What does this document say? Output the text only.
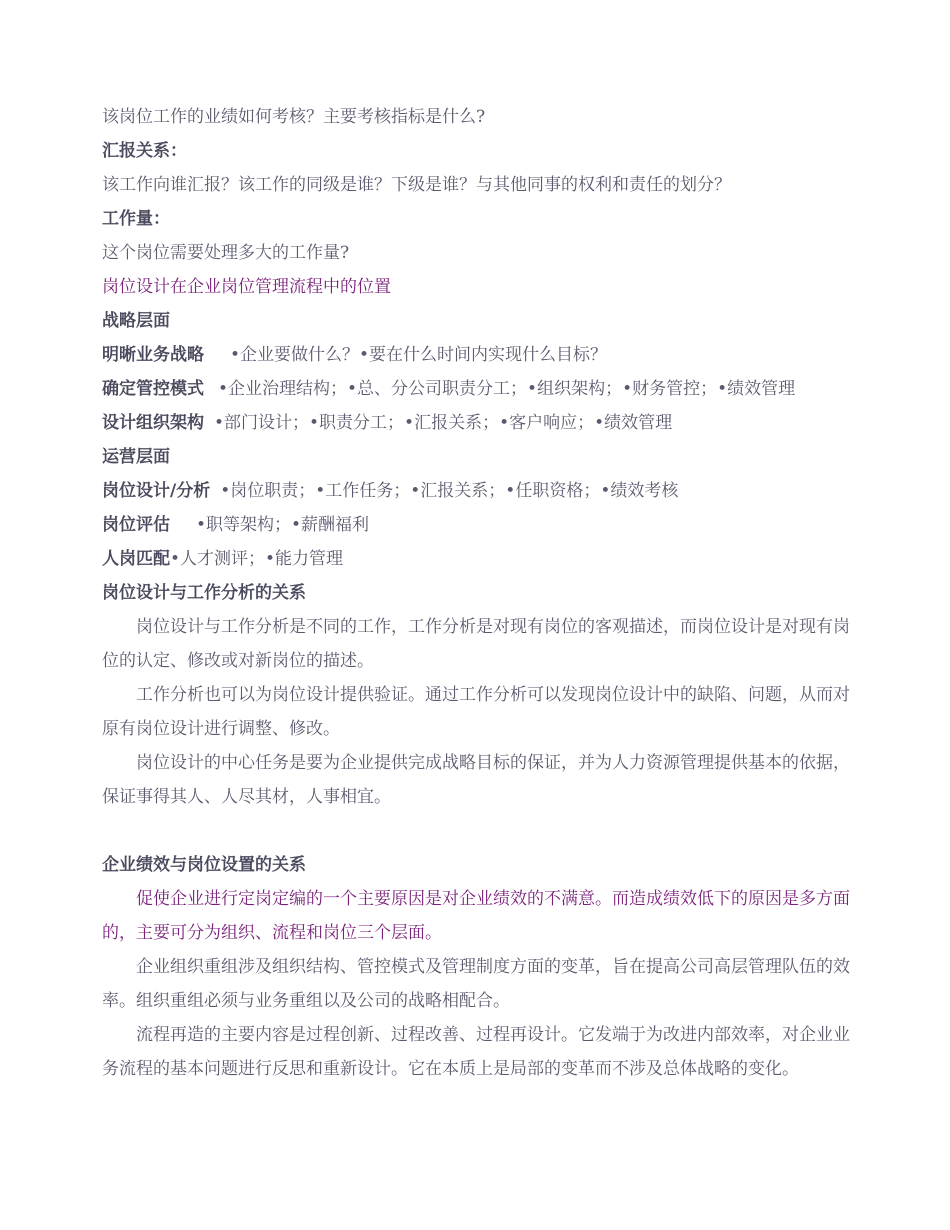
该岗位工作的业绩如何考核？主要考核指标是什么?
汇报关系：
该工作向谁汇报？该工作的同级是谁？下级是谁？与其他同事的权利和责任的划分？
工作量：
这个岗位需要处理多大的工作量?
岗位设计在企业岗位管理流程中的位置
战略层面
明晰业务战略 •企业要做什么？•要在什么时间内实现什么目标？
确定管控模式 •企业治理结构；•总、分公司职责分工；•组织架构；•财务管控；•绩效管理
设计组织架构 •部门设计；•职责分工；•汇报关系；•客户响应；•绩效管理
运营层面
岗位设计/分析 •岗位职责；•工作任务；•汇报关系；•任职资格；•绩效考核
岗位评估 •职等架构；•薪酬福利
人岗匹配•人才测评；•能力管理
岗位设计与工作分析的关系
岗位设计与工作分析是不同的工作，工作分析是对现有岗位的客观描述，而岗位设计是对现有岗位的认定、修改或对新岗位的描述。
工作分析也可以为岗位设计提供验证。通过工作分析可以发现岗位设计中的缺陷、问题，从而对原有岗位设计进行调整、修改。
岗位设计的中心任务是要为企业提供完成战略目标的保证，并为人力资源管理提供基本的依据，保证事得其人、人尽其材，人事相宜。
企业绩效与岗位设置的关系
促使企业进行定岗定编的一个主要原因是对企业绩效的不满意。而造成绩效低下的原因是多方面的，主要可分为组织、流程和岗位三个层面。
企业组织重组涉及组织结构、管控模式及管理制度方面的变革，旨在提高公司高层管理队伍的效率。组织重组必须与业务重组以及公司的战略相配合。
流程再造的主要内容是过程创新、过程改善、过程再设计。它发端于为改进内部效率，对企业业务流程的基本问题进行反思和重新设计。它在本质上是局部的变革而不涉及总体战略的变化。
